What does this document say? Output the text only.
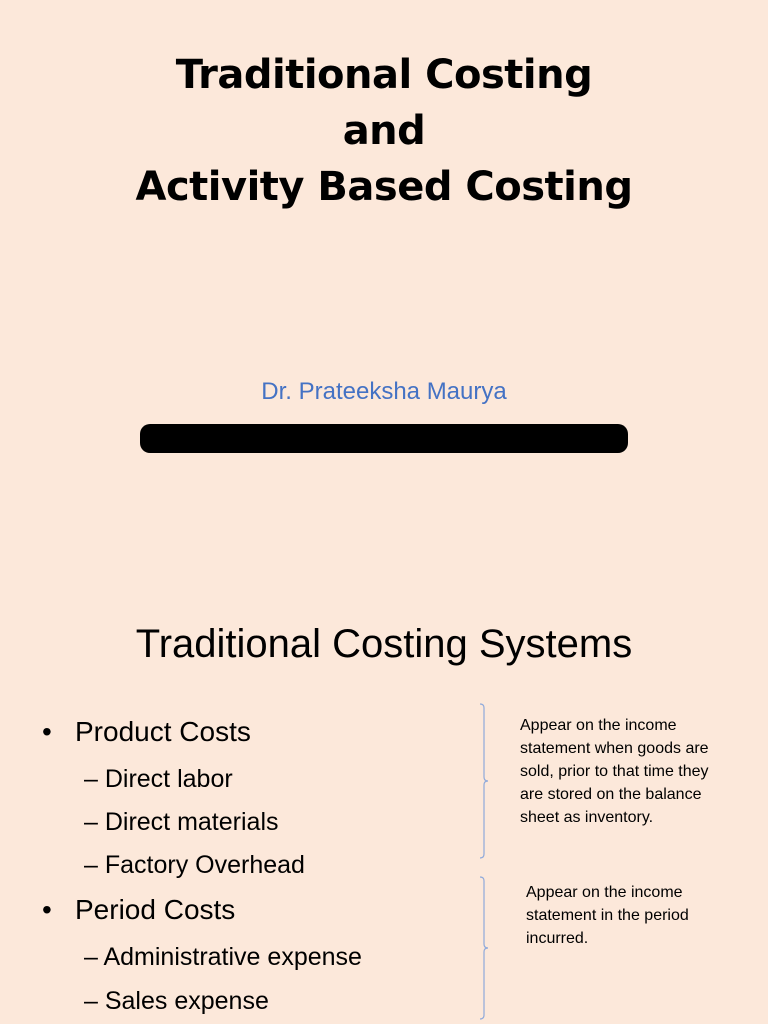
Traditional Costing
and
Activity Based Costing
Dr. Prateeksha Maurya
Traditional Costing Systems
• Product Costs
– Direct labor
– Direct materials
– Factory Overhead
• Period Costs
– Administrative expense
– Sales expense
Appear on the income statement when goods are sold, prior to that time they are stored on the balance sheet as inventory.
Appear on the income statement in the period incurred.
